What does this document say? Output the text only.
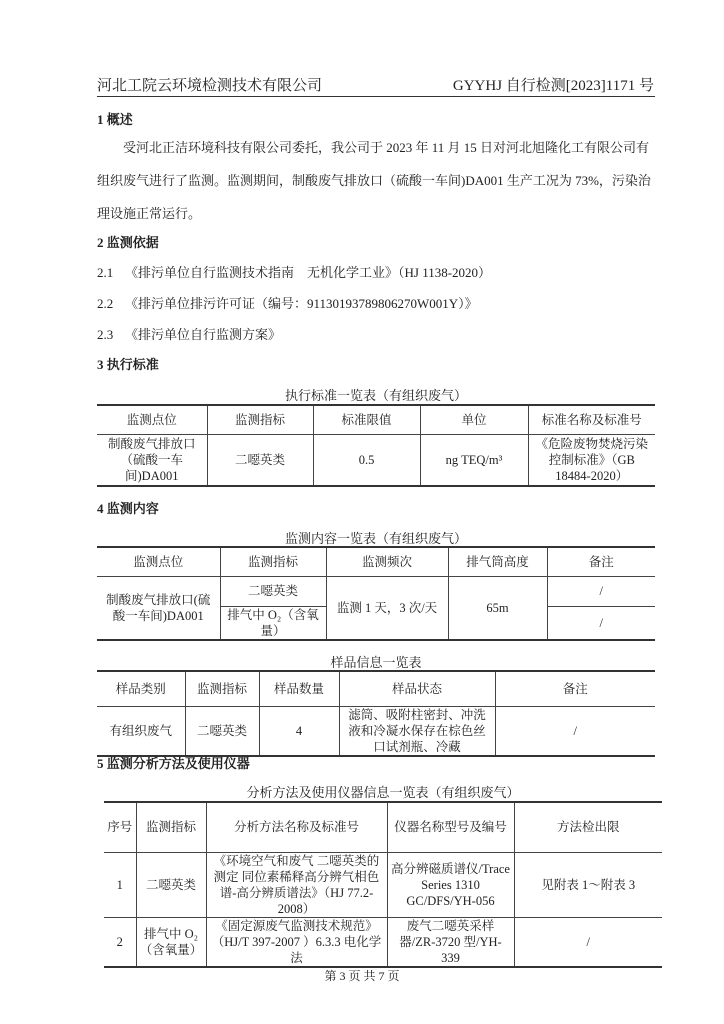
河北工院云环境检测技术有限公司	GYYHJ 自行检测[2023]1171 号
1 概述
受河北正洁环境科技有限公司委托，我公司于 2023 年 11 月 15 日对河北旭隆化工有限公司有组织废气进行了监测。监测期间，制酸废气排放口（硫酸一车间)DA001 生产工况为 73%，污染治理设施正常运行。
2 监测依据
2.1 《排污单位自行监测技术指南　无机化学工业》（HJ 1138-2020）
2.2 《排污单位排污许可证（编号：91130193789806270W001Y）》
2.3 《排污单位自行监测方案》
3 执行标准
执行标准一览表（有组织废气）
监测点位	监测指标	标准限值	单位	标准名称及标准号
制酸废气排放口（硫酸一车间)DA001	二噁英类	0.5	ng TEQ/m³	《危险废物焚烧污染控制标准》（GB 18484-2020）
4 监测内容
监测内容一览表（有组织废气）
监测点位	监测指标	监测频次	排气筒高度	备注
制酸废气排放口(硫酸一车间)DA001	二噁英类	监测 1 天，3 次/天	65m	/
	排气中 O₂（含氧量）			/
样品信息一览表
样品类别	监测指标	样品数量	样品状态	备注
有组织废气	二噁英类	4	滤筒、吸附柱密封、冲洗液和冷凝水保存在棕色丝口试剂瓶、冷藏	/
5 监测分析方法及使用仪器
分析方法及使用仪器信息一览表（有组织废气）
序号	监测指标	分析方法名称及标准号	仪器名称型号及编号	方法检出限
1	二噁英类	《环境空气和废气 二噁英类的测定 同位素稀释高分辨气相色谱-高分辨质谱法》（HJ 77.2-2008）	高分辨磁质谱仪/Trace Series 1310 GC/DFS/YH-056	见附表 1～附表 3
2	排气中 O₂（含氧量）	《固定源废气监测技术规范》（HJ/T 397-2007 ）6.3.3 电化学法	废气二噁英采样器/ZR-3720 型/YH-339	/
第 3 页 共 7 页
